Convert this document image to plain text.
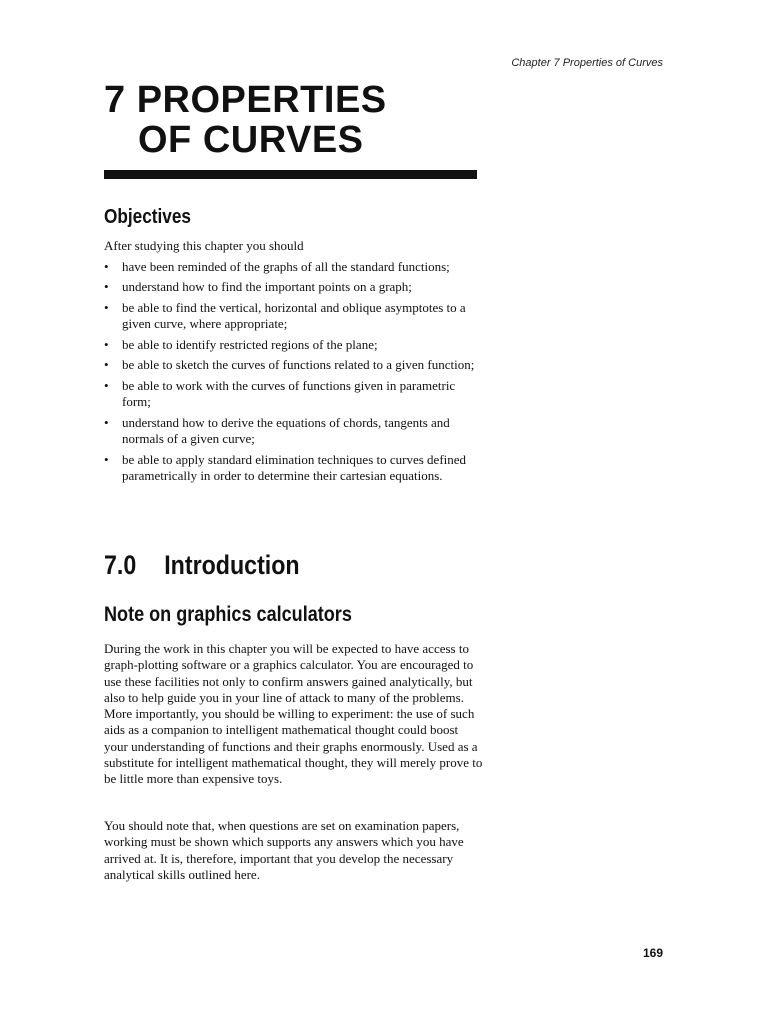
Chapter 7 Properties of Curves
7 PROPERTIES
OF CURVES
Objectives

After studying this chapter you should

• have been reminded of the graphs of all the standard functions;
• understand how to find the important points on a graph;
• be able to find the vertical, horizontal and oblique asymptotes to a given curve, where appropriate;
• be able to identify restricted regions of the plane;
• be able to sketch the curves of functions related to a given function;
• be able to work with the curves of functions given in parametric form;
• understand how to derive the equations of chords, tangents and normals of a given curve;
• be able to apply standard elimination techniques to curves defined parametrically in order to determine their cartesian equations.
7.0 Introduction
Note on graphics calculators

During the work in this chapter you will be expected to have access to graph-plotting software or a graphics calculator. You are encouraged to use these facilities not only to confirm answers gained analytically, but also to help guide you in your line of attack to many of the problems. More importantly, you should be willing to experiment: the use of such aids as a companion to intelligent mathematical thought could boost your understanding of functions and their graphs enormously. Used as a substitute for intelligent mathematical thought, they will merely prove to be little more than expensive toys.

You should note that, when questions are set on examination papers, working must be shown which supports any answers which you have arrived at. It is, therefore, important that you develop the necessary analytical skills outlined here.

169
